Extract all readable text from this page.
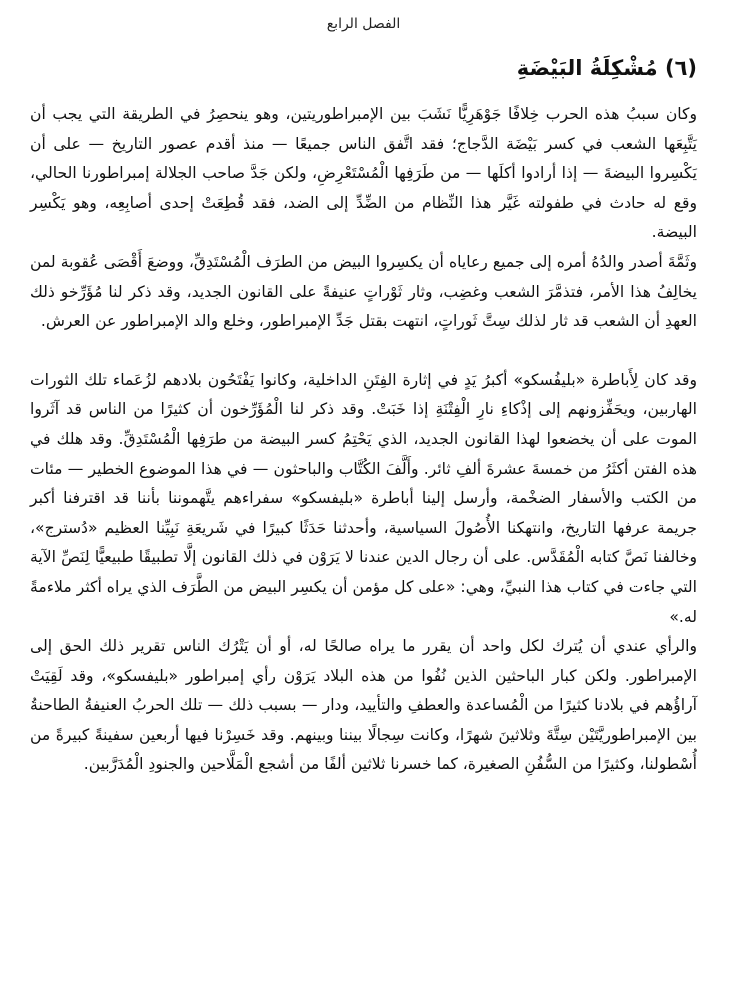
الفصل الرابع
(٦) مُشْكِلَةُ البَيْضَةِ

وكان سببُ هذه الحرب خِلافًا جَوْهَرِيًّا نَشَبَ بين الإمبراطوريتين، وهو ينحصِرُ في الطريقة التي يجب أن يَتَّبِعَها الشعب في كسر بَيْضَة الدَّجاج؛ فقد اتَّفق الناس جميعًا — منذ أقدم عصور التاريخ — على أن يَكْسِروا البيضةَ — إذا أرادوا أكلَها — من طَرَفِها الْمُسْتَعْرِضِ، ولكن جَدَّ صاحب الجلالة إمبراطورنا الحالي، وقع له حادث في طفولته غَيَّر هذا النِّظام من الضِّدِّ إلى الضد، فقد قُطِعَتْ إحدى أصابِعِه، وهو يَكْسِر البيضة.

وثَمَّةَ أصدر والدُهُ أمره إلى جميع رعاياه أن يكسِروا البيض من الطرَف الْمُسْتَدِقِّ، ووضعَ أَقْصَى عُقوبة لمن يخالِفُ هذا الأمر، فتذمَّرَ الشعب وغضِب، وثار ثَوْراتٍ عنيفةً على القانون الجديد، وقد ذكر لنا مُؤَرِّخو ذلك العهدِ أن الشعب قد ثار لذلك سِتَّ ثَوراتٍ، انتهت بقتل جَدِّ الإمبراطور، وخلع والد الإمبراطور عن العرش.

وقد كان لِأَباطرة «بليفُسكو» أكبرُ يَدٍ في إثارة الفِتَنِ الداخلية، وكانوا يَفْتَحُون بلادهم لزُعَماء تلك الثورات الهاربين، ويحَفِّزونهم إلى إذْكاءِ نارِ الْفِتْنَةِ إذا خَبَتْ. وقد ذكر لنا الْمُؤَرِّخون أن كثيرًا من الناس قد آثَروا الموت على أن يخضعوا لهذا القانون الجديد، الذي يَحْتِمُ كسر البيضة من طرَفِها الْمُسْتَدِقِّ. وقد هلك في هذه الفتن أكثَرُ من خمسةَ عشرةَ ألفِ ثائر. وأَلَّفَ الكُتَّاب والباحثون — في هذا الموضوع الخطير — مئات من الكتب والأسفار الضخْمة، وأرسل إلينا أباطرة «بليفسكو» سفراءهم يتَّهموننا بأننا قد اقترفنا أكبر جريمة عرفها التاريخ، وانتهكنا الأُصُولَ السياسية، وأحدثنا حَدَثًا كبيرًا في شَريعَةِ نَبِيِّنا العظيم «دُسترج»، وخالفنا نَصَّ كتابه الْمُقَدَّس. على أن رجال الدين عندنا لا يَرَوْن في ذلك القانون إلَّا تطبيقًا طبيعيًّا لِنَصِّ الآية التي جاءت في كتاب هذا النبيِّ، وهي: «على كل مؤمن أن يكسِر البيض من الطَّرَف الذي يراه أكثر ملاءمةً له.»

والرأي عندي أن يُترك لكل واحد أن يقرر ما يراه صالحًا له، أو أن يَتْرُك الناس تقرير ذلك الحق إلى الإمبراطور. ولكن كبار الباحثين الذين نُفُوا من هذه البلاد يَرَوْن رأي إمبراطور «بليفسكو»، وقد لَقِيَتْ آراؤُهم في بلادنا كثيرًا من الْمُساعدة والعطفِ والتأييد، ودار — بسبب ذلك — تلك الحربُ العنيفةُ الطاحنةُ بين الإمبراطوريَّتَيْن سِتَّةَ وثلاثينَ شهرًا، وكانت سِجالًا بيننا وبينهم. وقد خَسِرْنا فيها أربعين سفينةً كبيرةً من أُسْطولنا، وكثيرًا من السُّفُنِ الصغيرة، كما خسرنا ثلاثين ألفًا من أشجع الْمَلَّاحين والجنودِ الْمُدَرَّبين.
